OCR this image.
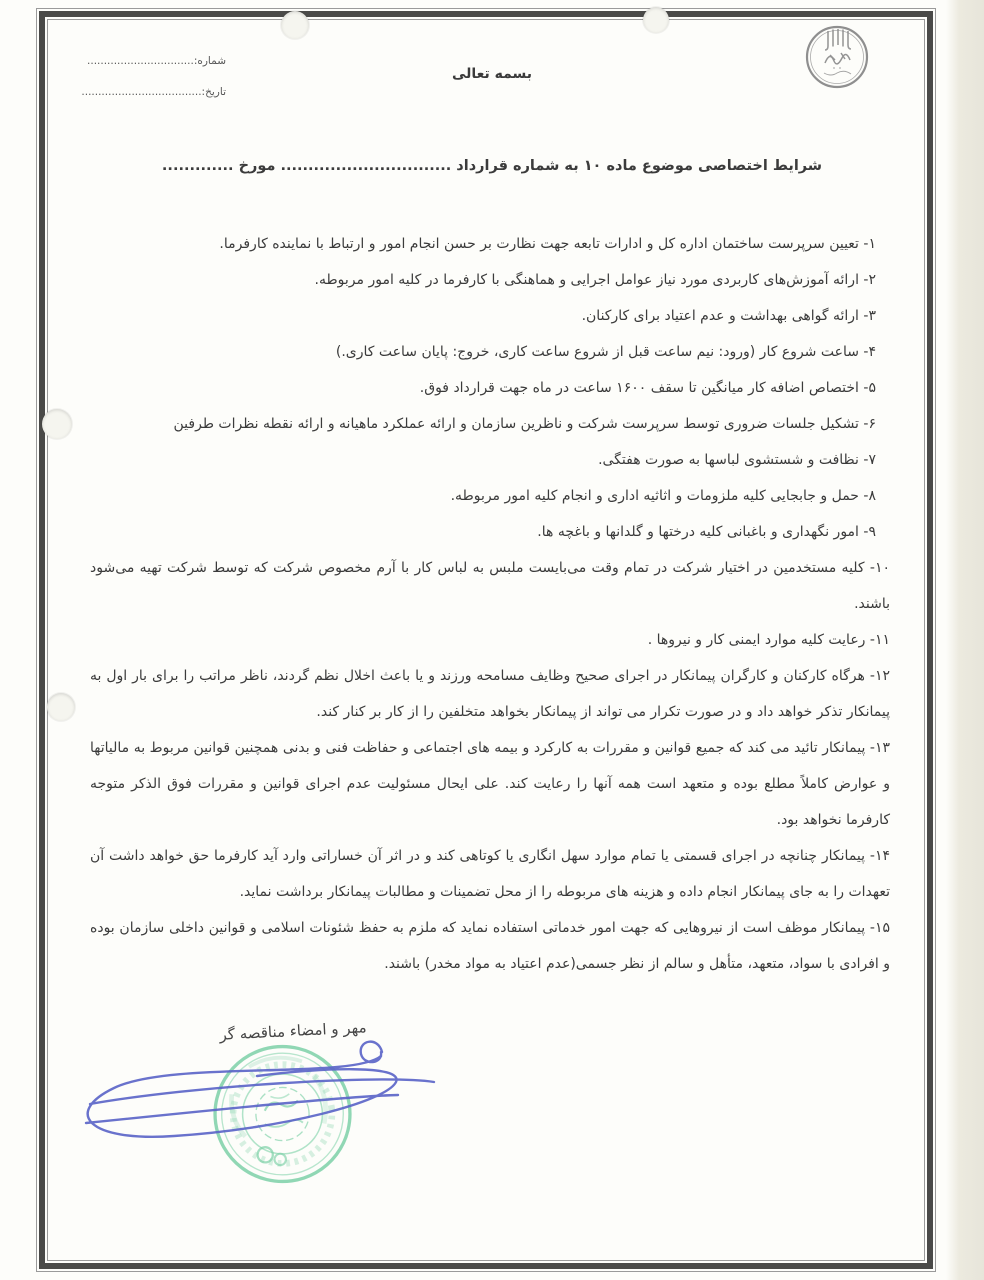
شماره:................................
تاریخ:....................................
بسمه تعالی
شرایط اختصاصی موضوع ماده ۱۰ به شماره قرارداد ............................... مورخ .............

۱- تعیین سرپرست ساختمان اداره کل و ادارات تابعه جهت نظارت بر حسن انجام امور و ارتباط با نماینده کارفرما.

۲- ارائه آموزش‌های کاربردی مورد نیاز عوامل اجرایی و هماهنگی با کارفرما در کلیه امور مربوطه.

۳- ارائه گواهی بهداشت و عدم اعتیاد برای کارکنان.

۴- ساعت شروع کار (ورود: نیم ساعت قبل از شروع ساعت کاری، خروج: پایان ساعت کاری.)

۵- اختصاص اضافه کار میانگین تا سقف ۱۶۰۰ ساعت در ماه جهت قرارداد فوق.

۶- تشکیل جلسات ضروری توسط سرپرست شرکت و ناظرین سازمان و ارائه عملکرد ماهیانه و ارائه نقطه نظرات طرفین

۷- نظافت و شستشوی لباسها به صورت هفتگی.

۸- حمل و جابجایی کلیه ملزومات و اثاثیه اداری و انجام کلیه امور مربوطه.

۹- امور نگهداری و باغبانی کلیه درختها و گلدانها و باغچه ها.

۱۰- کلیه مستخدمین در اختیار شرکت در تمام وقت می‌بایست ملبس به لباس کار با آرم مخصوص شرکت که توسط شرکت تهیه می‌شود باشند.

۱۱- رعایت کلیه موارد ایمنی کار و نیروها .

۱۲- هرگاه کارکنان و کارگران پیمانکار در اجرای صحیح وظایف مسامحه ورزند و یا باعث اخلال نظم گردند، ناظر مراتب را برای بار اول به پیمانکار تذکر خواهد داد و در صورت تکرار می تواند از پیمانکار بخواهد متخلفین را از کار بر کنار کند.

۱۳- پیمانکار تائید می کند که جمیع قوانین و مقررات به کارکرد و بیمه های اجتماعی و حفاظت فنی و بدنی همچنین قوانین مربوط به مالیاتها و عوارض کاملاً مطلع بوده و متعهد است همه آنها را رعایت کند. علی ایحال مسئولیت عدم اجرای قوانین و مقررات فوق الذکر متوجه کارفرما نخواهد بود.

۱۴- پیمانکار چنانچه در اجرای قسمتی یا تمام موارد سهل انگاری یا کوتاهی کند و در اثر آن خساراتی وارد آید کارفرما حق خواهد داشت آن تعهدات را به جای پیمانکار انجام داده و هزینه های مربوطه را از محل تضمینات و مطالبات پیمانکار برداشت نماید.

۱۵- پیمانکار موظف است از نیروهایی که جهت امور خدماتی استفاده نماید که ملزم به حفظ شئونات اسلامی و قوانین داخلی سازمان بوده و افرادی با سواد، متعهد، متأهل و سالم از نظر جسمی(عدم اعتیاد به مواد مخدر) باشند.

مهر و امضاء مناقصه گر
